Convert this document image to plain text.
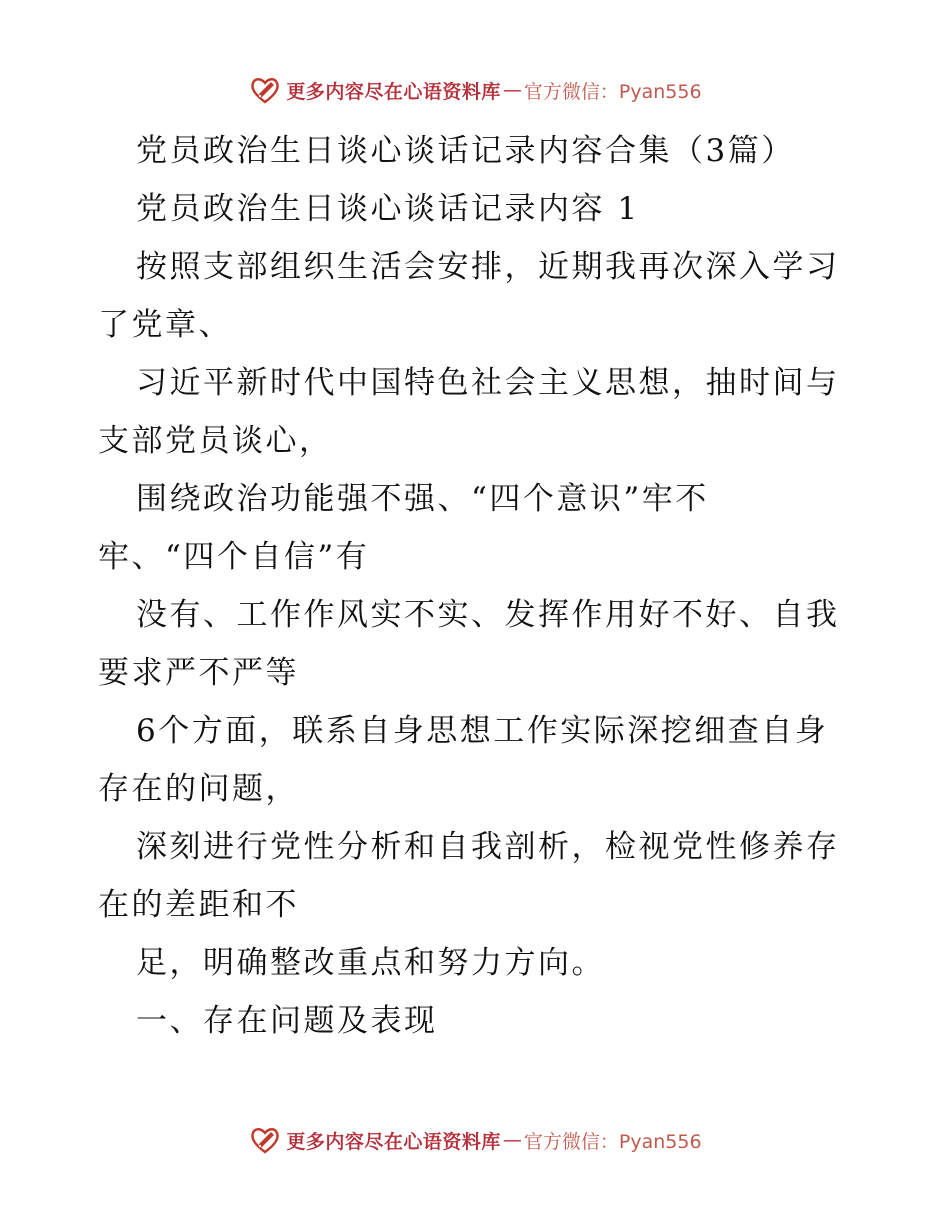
更多内容尽在心语资料库 — 官方微信：Pyan556
党员政治生日谈心谈话记录内容合集（3篇）
党员政治生日谈心谈话记录内容 1
按照支部组织生活会安排，近期我再次深入学习
了党章、
习近平新时代中国特色社会主义思想，抽时间与
支部党员谈心，
围绕政治功能强不强、“四个意识”牢不
牢、“四个自信”有
没有、工作作风实不实、发挥作用好不好、自我
要求严不严等
6个方面，联系自身思想工作实际深挖细查自身
存在的问题，
深刻进行党性分析和自我剖析，检视党性修养存
在的差距和不
足，明确整改重点和努力方向。
一、存在问题及表现
更多内容尽在心语资料库 — 官方微信：Pyan556
